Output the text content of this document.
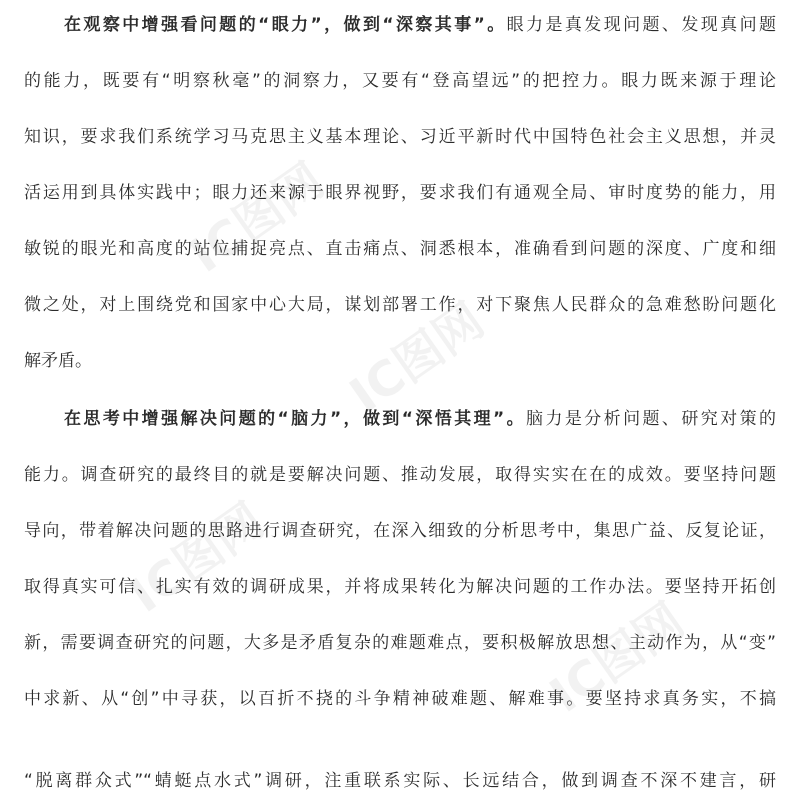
IC图网
IC图网
IC图网
IC图网
在观察中增强看问题的“眼力”，做到“深察其事”。眼力是真发现问题、发现真问题
的能力，既要有“明察秋毫”的洞察力，又要有“登高望远”的把控力。眼力既来源于理论
知识，要求我们系统学习马克思主义基本理论、习近平新时代中国特色社会主义思想，并灵
活运用到具体实践中；眼力还来源于眼界视野，要求我们有通观全局、审时度势的能力，用
敏锐的眼光和高度的站位捕捉亮点、直击痛点、洞悉根本，准确看到问题的深度、广度和细
微之处，对上围绕党和国家中心大局，谋划部署工作，对下聚焦人民群众的急难愁盼问题化
解矛盾。
在思考中增强解决问题的“脑力”，做到“深悟其理”。脑力是分析问题、研究对策的
能力。调查研究的最终目的就是要解决问题、推动发展，取得实实在在的成效。要坚持问题
导向，带着解决问题的思路进行调查研究，在深入细致的分析思考中，集思广益、反复论证，
取得真实可信、扎实有效的调研成果，并将成果转化为解决问题的工作办法。要坚持开拓创
新，需要调查研究的问题，大多是矛盾复杂的难题难点，要积极解放思想、主动作为，从“变”
中求新、从“创”中寻获，以百折不挠的斗争精神破难题、解难事。要坚持求真务实，不搞
“脱离群众式”“蜻蜓点水式”调研，注重联系实际、长远结合，做到调查不深不建言，研
